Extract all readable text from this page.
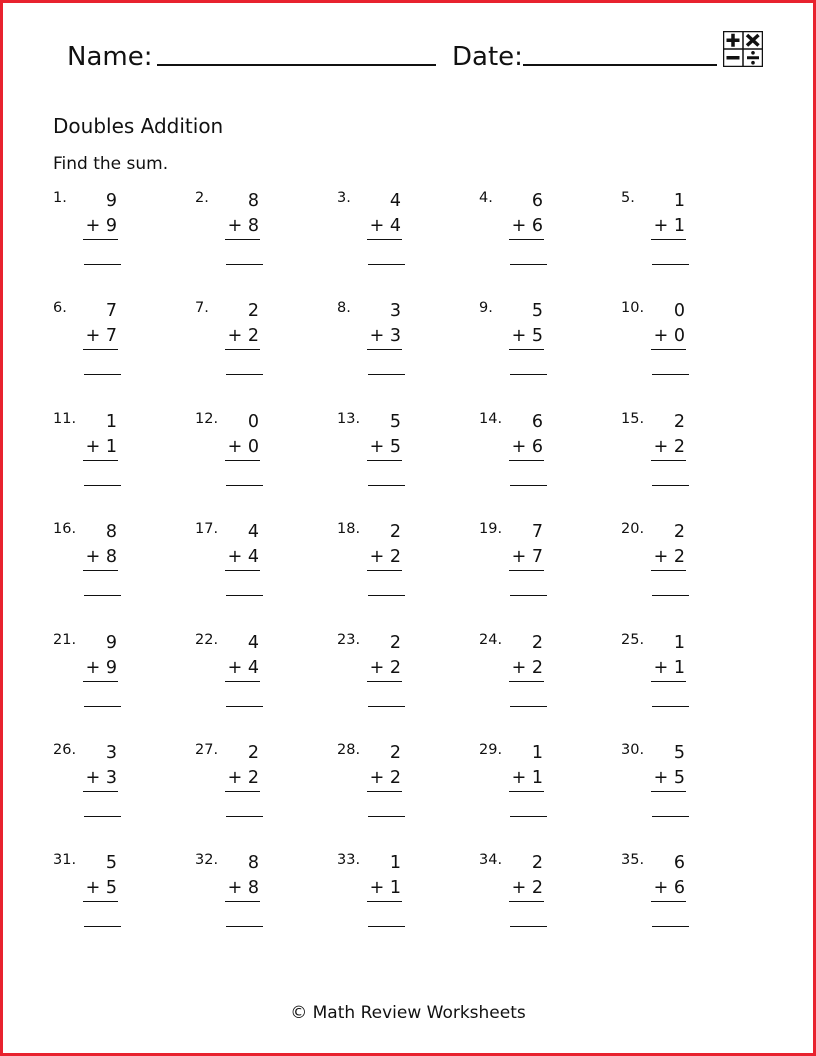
Name:	Date:
Doubles Addition
Find the sum.
1.	9
+ 9
2.	8
+ 8
3.	4
+ 4
4.	6
+ 6
5.	1
+ 1
6.	7
+ 7
7.	2
+ 2
8.	3
+ 3
9.	5
+ 5
10.	0
+ 0
11.	1
+ 1
12.	0
+ 0
13.	5
+ 5
14.	6
+ 6
15.	2
+ 2
16.	8
+ 8
17.	4
+ 4
18.	2
+ 2
19.	7
+ 7
20.	2
+ 2
21.	9
+ 9
22.	4
+ 4
23.	2
+ 2
24.	2
+ 2
25.	1
+ 1
26.	3
+ 3
27.	2
+ 2
28.	2
+ 2
29.	1
+ 1
30.	5
+ 5
31.	5
+ 5
32.	8
+ 8
33.	1
+ 1
34.	2
+ 2
35.	6
+ 6
© Math Review Worksheets
